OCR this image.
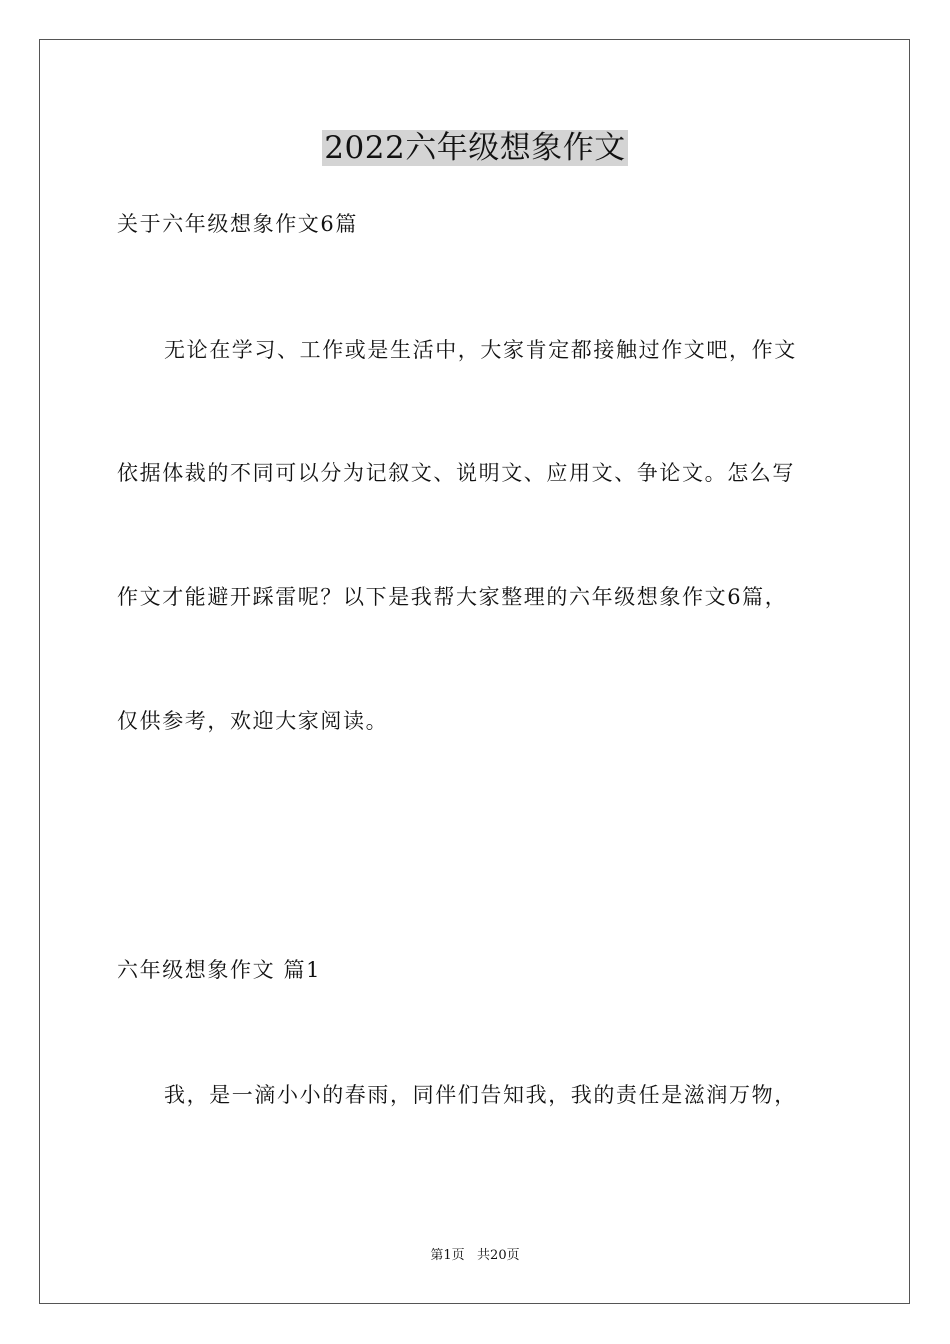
2022六年级想象作文
关于六年级想象作文6篇
无论在学习、工作或是生活中，大家肯定都接触过作文吧，作文
依据体裁的不同可以分为记叙文、说明文、应用文、争论文。怎么写
作文才能避开踩雷呢？以下是我帮大家整理的六年级想象作文6篇，
仅供参考，欢迎大家阅读。
六年级想象作文 篇1
我，是一滴小小的春雨，同伴们告知我，我的责任是滋润万物，
第1页   共20页
